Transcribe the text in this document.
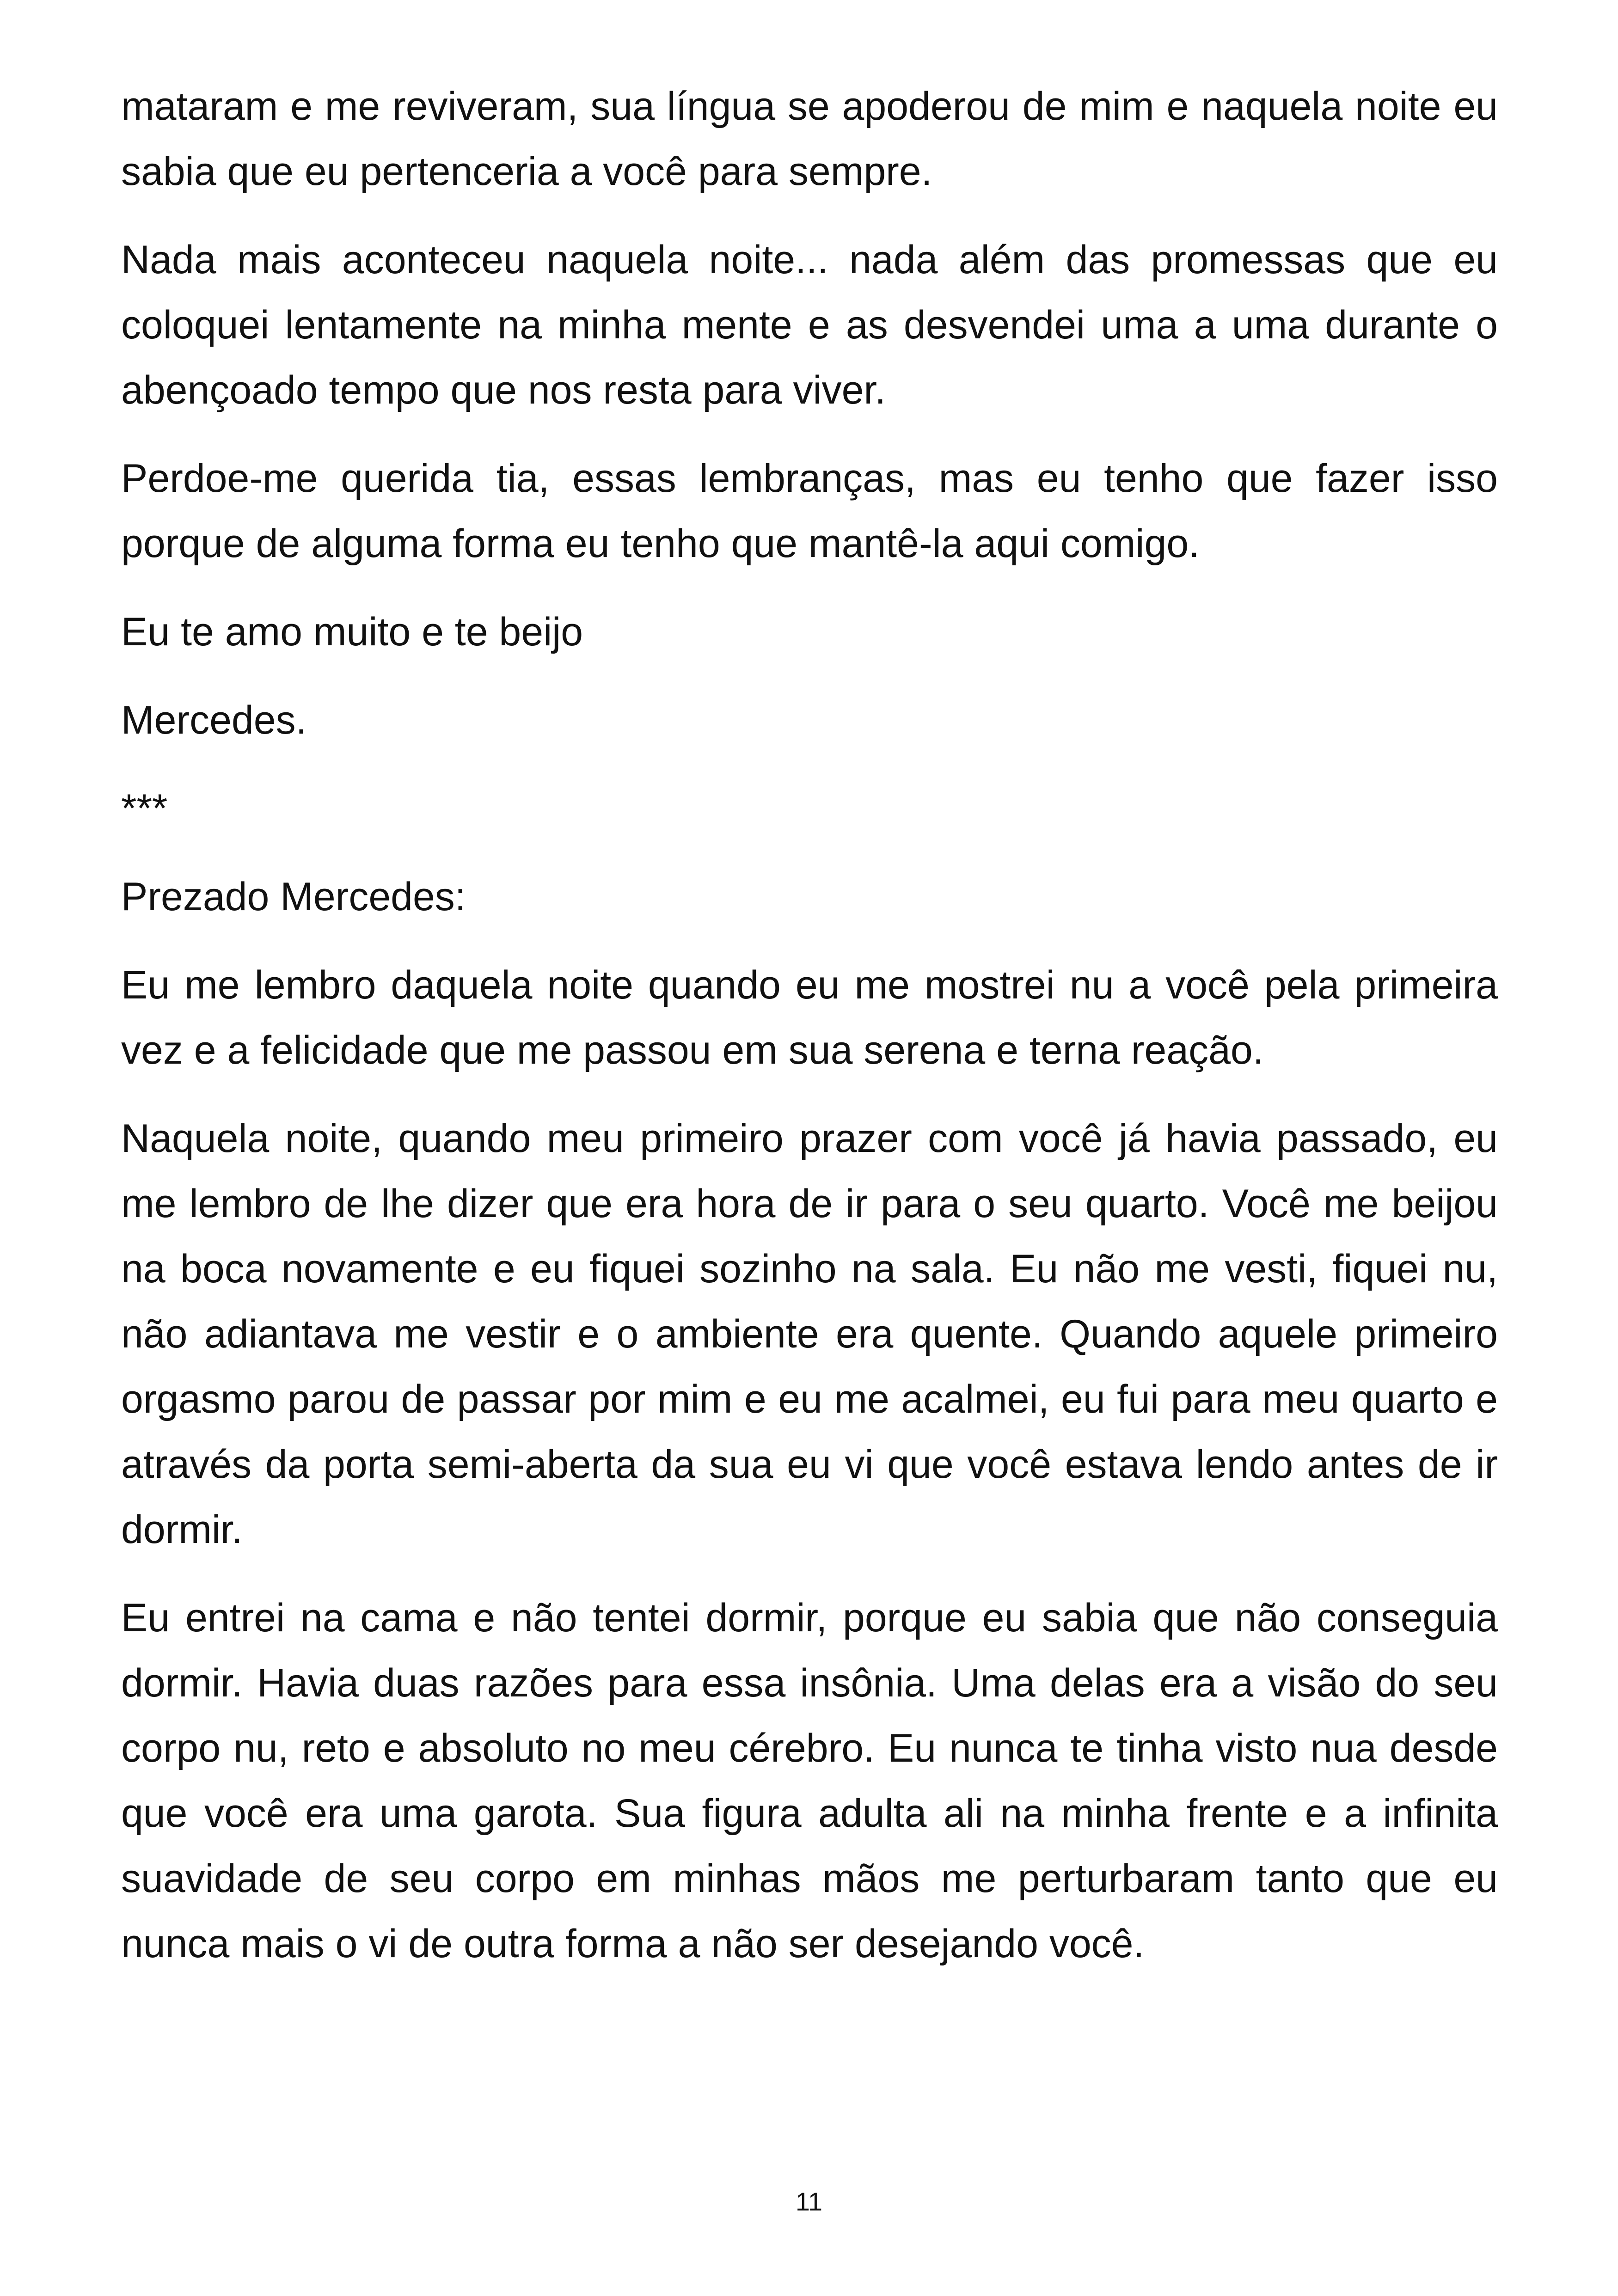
mataram e me reviveram, sua língua se apoderou de mim e naquela noite eu sabia que eu pertenceria a você para sempre.

Nada mais aconteceu naquela noite... nada além das promessas que eu coloquei lentamente na minha mente e as desvendei uma a uma durante o abençoado tempo que nos resta para viver.

Perdoe-me querida tia, essas lembranças, mas eu tenho que fazer isso porque de alguma forma eu tenho que mantê-la aqui comigo.

Eu te amo muito e te beijo

Mercedes.

***

Prezado Mercedes:

Eu me lembro daquela noite quando eu me mostrei nu a você pela primeira vez e a felicidade que me passou em sua serena e terna reação.

Naquela noite, quando meu primeiro prazer com você já havia passado, eu me lembro de lhe dizer que era hora de ir para o seu quarto. Você me beijou na boca novamente e eu fiquei sozinho na sala. Eu não me vesti, fiquei nu, não adiantava me vestir e o ambiente era quente. Quando aquele primeiro orgasmo parou de passar por mim e eu me acalmei, eu fui para meu quarto e através da porta semi-aberta da sua eu vi que você estava lendo antes de ir dormir.

Eu entrei na cama e não tentei dormir, porque eu sabia que não conseguia dormir. Havia duas razões para essa insônia. Uma delas era a visão do seu corpo nu, reto e absoluto no meu cérebro. Eu nunca te tinha visto nua desde que você era uma garota. Sua figura adulta ali na minha frente e a infinita suavidade de seu corpo em minhas mãos me perturbaram tanto que eu nunca mais o vi de outra forma a não ser desejando você.

11
